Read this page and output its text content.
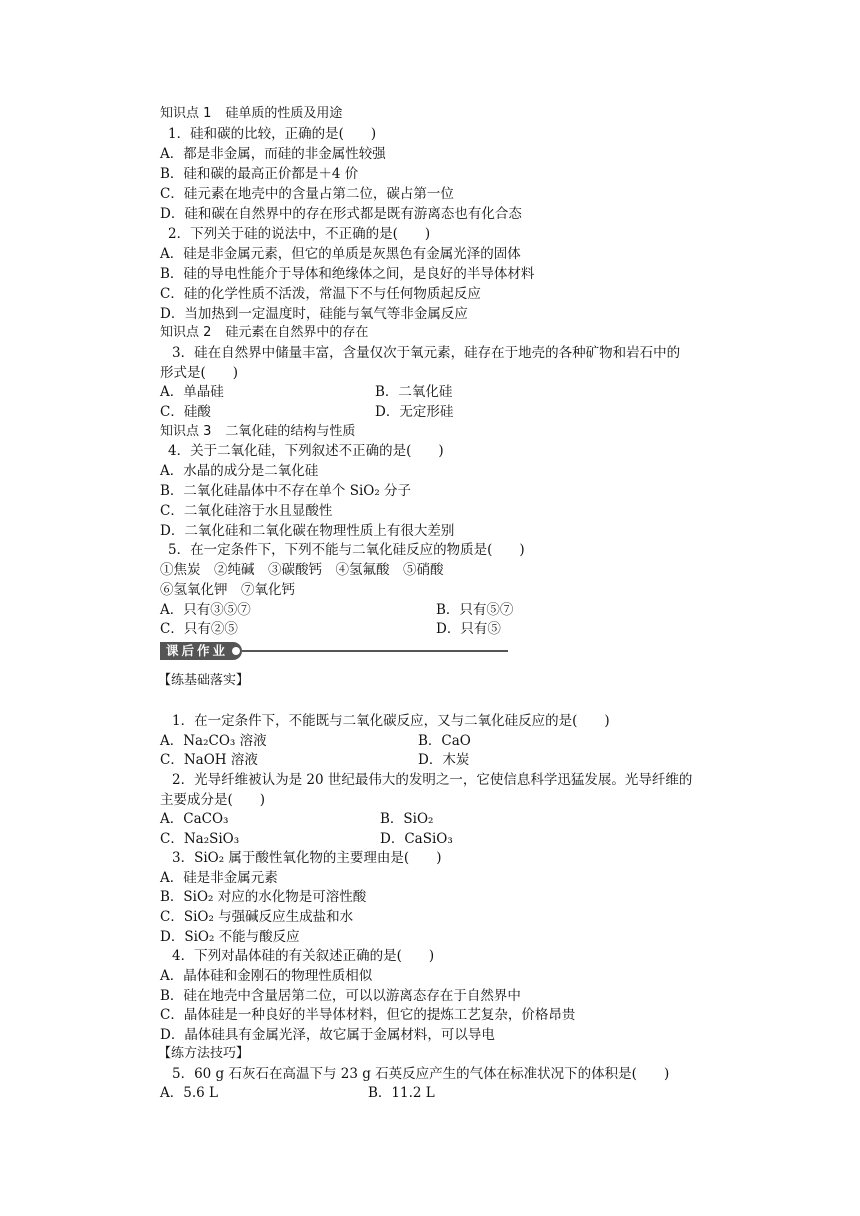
知识点 1 硅单质的性质及用途
1．硅和碳的比较，正确的是(　　)
A．都是非金属，而硅的非金属性较强
B．硅和碳的最高正价都是＋4 价
C．硅元素在地壳中的含量占第二位，碳占第一位
D．硅和碳在自然界中的存在形式都是既有游离态也有化合态
2．下列关于硅的说法中，不正确的是(　　)
A．硅是非金属元素，但它的单质是灰黑色有金属光泽的固体
B．硅的导电性能介于导体和绝缘体之间，是良好的半导体材料
C．硅的化学性质不活泼，常温下不与任何物质起反应
D．当加热到一定温度时，硅能与氧气等非金属反应
知识点 2 硅元素在自然界中的存在
3．硅在自然界中储量丰富，含量仅次于氧元素，硅存在于地壳的各种矿物和岩石中的
形式是(　　)
A．单晶硅	B．二氧化硅
C．硅酸	D．无定形硅
知识点 3 二氧化硅的结构与性质
4．关于二氧化硅，下列叙述不正确的是(　　)
A．水晶的成分是二氧化硅
B．二氧化硅晶体中不存在单个 SiO₂ 分子
C．二氧化硅溶于水且显酸性
D．二氧化硅和二氧化碳在物理性质上有很大差别
5．在一定条件下，下列不能与二氧化硅反应的物质是(　　)
①焦炭　②纯碱　③碳酸钙　④氢氟酸　⑤硝酸
⑥氢氧化钾　⑦氧化钙
A．只有③⑤⑦	B．只有⑤⑦
C．只有②⑤	D．只有⑤
课后作业
【练基础落实】
1．在一定条件下，不能既与二氧化碳反应，又与二氧化硅反应的是(　　)
A．Na₂CO₃ 溶液	B．CaO
C．NaOH 溶液	D．木炭
2．光导纤维被认为是 20 世纪最伟大的发明之一，它使信息科学迅猛发展。光导纤维的
主要成分是(　　)
A．CaCO₃	B．SiO₂
C．Na₂SiO₃	D．CaSiO₃
3．SiO₂ 属于酸性氧化物的主要理由是(　　)
A．硅是非金属元素
B．SiO₂ 对应的水化物是可溶性酸
C．SiO₂ 与强碱反应生成盐和水
D．SiO₂ 不能与酸反应
4．下列对晶体硅的有关叙述正确的是(　　)
A．晶体硅和金刚石的物理性质相似
B．硅在地壳中含量居第二位，可以以游离态存在于自然界中
C．晶体硅是一种良好的半导体材料，但它的提炼工艺复杂，价格昂贵
D．晶体硅具有金属光泽，故它属于金属材料，可以导电
【练方法技巧】
5．60 g 石灰石在高温下与 23 g 石英反应产生的气体在标准状况下的体积是(　　)
A．5.6 L	B．11.2 L
